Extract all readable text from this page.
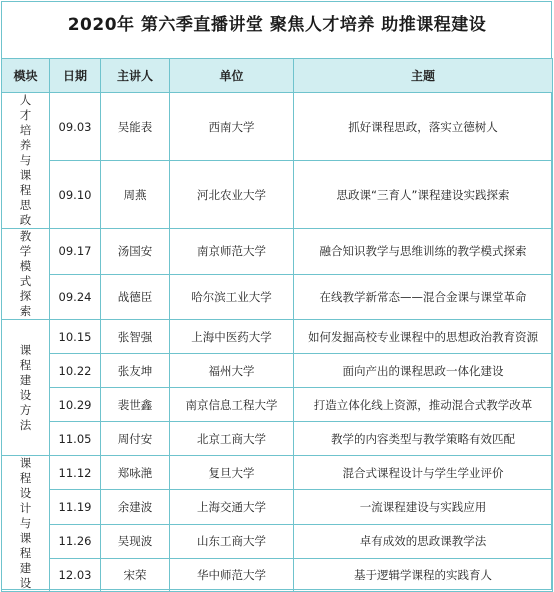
2020年 第六季直播讲堂 聚焦人才培养 助推课程建设
模块	日期	主讲人	单位	主题

人才培养与课程思政	09.03	吴能表	西南大学	抓好课程思政，落实立德树人
	09.10	周燕	河北农业大学	思政课“三育人”课程建设实践探索

教学模式探索	09.17	汤国安	南京师范大学	融合知识教学与思维训练的教学模式探索
	09.24	战德臣	哈尔滨工业大学	在线教学新常态——混合金课与课堂革命

课程建设方法	10.15	张智强	上海中医药大学	如何发掘高校专业课程中的思想政治教育资源
	10.22	张友坤	福州大学	面向产出的课程思政一体化建设
	10.29	裴世鑫	南京信息工程大学	打造立体化线上资源，推动混合式教学改革
	11.05	周付安	北京工商大学	教学的内容类型与教学策略有效匹配

课程设计与课程建设	11.12	郑咏滟	复旦大学	混合式课程设计与学生学业评价
	11.19	余建波	上海交通大学	一流课程建设与实践应用
	11.26	吴现波	山东工商大学	卓有成效的思政课教学法
	12.03	宋荣	华中师范大学	基于逻辑学课程的实践育人
